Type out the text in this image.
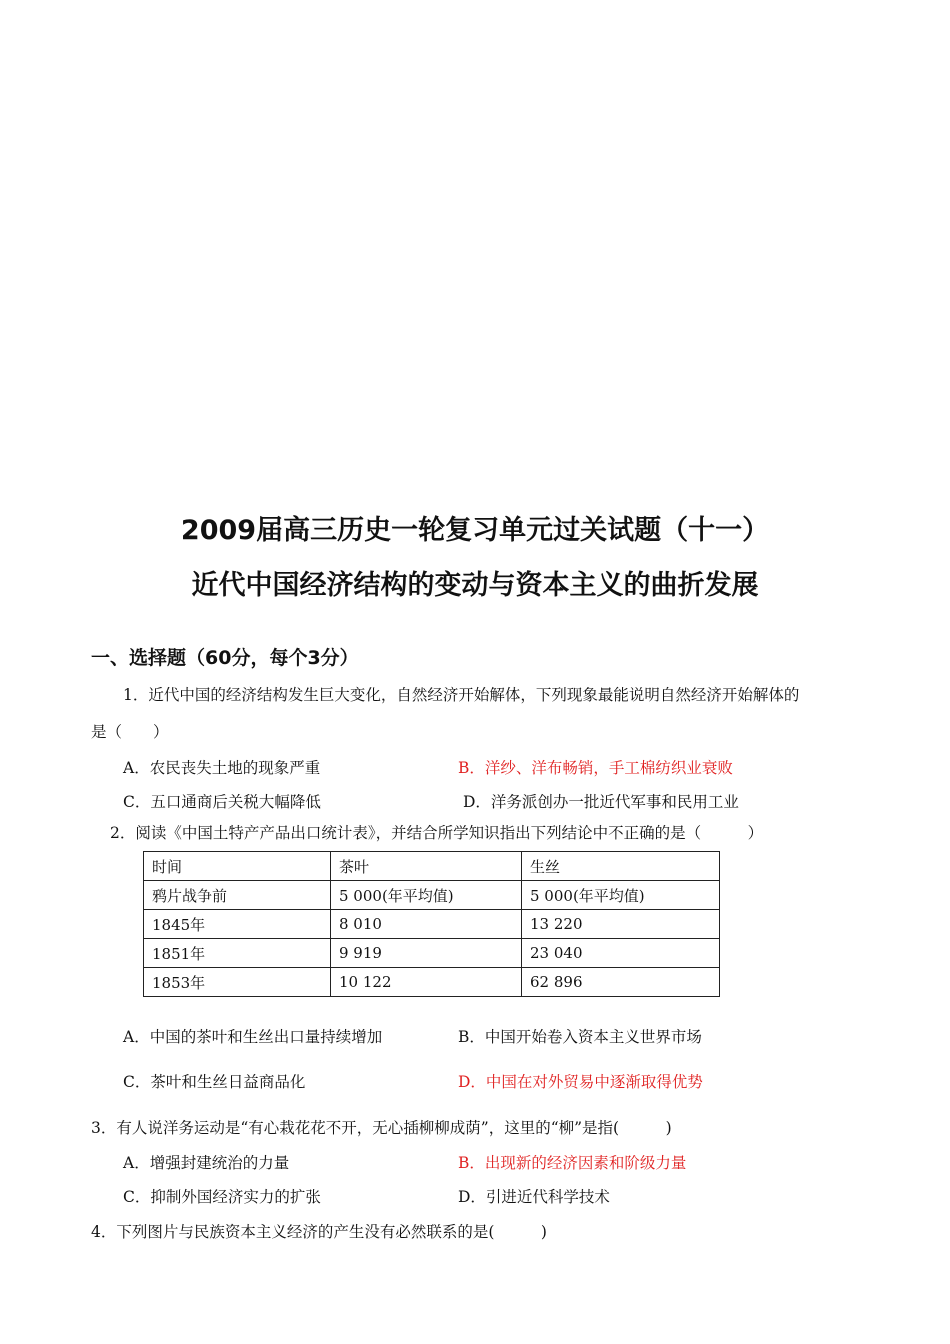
2009届高三历史一轮复习单元过关试题（十一）
近代中国经济结构的变动与资本主义的曲折发展
一、选择题（60分，每个3分）
1．近代中国的经济结构发生巨大变化，自然经济开始解体，下列现象最能说明自然经济开始解体的
是（　　）
A．农民丧失土地的现象严重	B．洋纱、洋布畅销，手工棉纺织业衰败
C．五口通商后关税大幅降低	D．洋务派创办一批近代军事和民用工业
2．阅读《中国土特产产品出口统计表》，并结合所学知识指出下列结论中不正确的是（　　　）
时间	茶叶	生丝
鸦片战争前	5 000(年平均值)	5 000(年平均值)
1845年	8 010	13 220
1851年	9 919	23 040
1853年	10 122	62 896
A．中国的茶叶和生丝出口量持续增加	B．中国开始卷入资本主义世界市场
C．茶叶和生丝日益商品化	D．中国在对外贸易中逐渐取得优势
3．有人说洋务运动是“有心栽花花不开，无心插柳柳成荫”，这里的“柳”是指(　　　)
A．增强封建统治的力量	B．出现新的经济因素和阶级力量
C．抑制外国经济实力的扩张	D．引进近代科学技术
4．下列图片与民族资本主义经济的产生没有必然联系的是(　　　)
